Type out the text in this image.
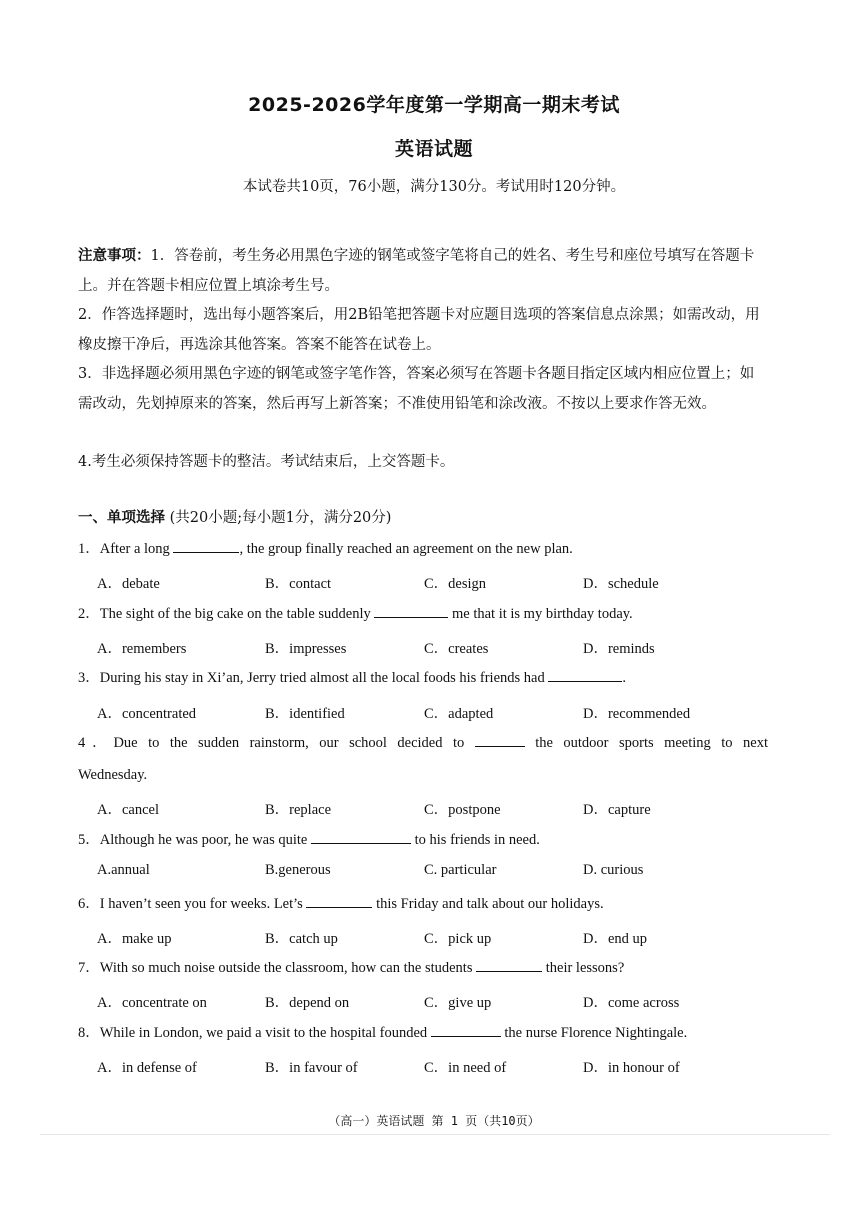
2025-2026学年度第一学期高一期末考试
英语试题
本试卷共10页，76小题，满分130分。考试用时120分钟。
注意事项：1．答卷前，考生务必用黑色字迹的钢笔或签字笔将自己的姓名、考生号和座位号填写在答题卡上。并在答题卡相应位置上填涂考生号。
2．作答选择题时，选出每小题答案后，用2B铅笔把答题卡对应题目选项的答案信息点涂黑；如需改动，用橡皮擦干净后，再选涂其他答案。答案不能答在试卷上。
3．非选择题必须用黑色字迹的钢笔或签字笔作答，答案必须写在答题卡各题目指定区域内相应位置上；如需改动，先划掉原来的答案，然后再写上新答案；不准使用铅笔和涂改液。不按以上要求作答无效。
4.考生必须保持答题卡的整洁。考试结束后，上交答题卡。
一、单项选择 (共20小题;每小题1分，满分20分)
1．After a long	, the group finally reached an agreement on the new plan.
A．debate	B．contact	C．design	D．schedule
2．The sight of the big cake on the table suddenly	me that it is my birthday today.
A．remembers	B．impresses	C．creates	D．reminds
3．During his stay in Xi’an, Jerry tried almost all the local foods his friends had	.
A．concentrated	B．identified	C．adapted	D．recommended
4．Due to the sudden rainstorm, our school decided to	the outdoor sports meeting to next
Wednesday.
A．cancel	B．replace	C．postpone	D．capture
5．Although he was poor, he was quite	to his friends in need.
A.annual	B.generous	C. particular	D. curious
6．I haven’t seen you for weeks. Let’s	this Friday and talk about our holidays.
A．make up	B．catch up	C．pick up	D．end up
7．With so much noise outside the classroom, how can the students	their lessons?
A．concentrate on	B．depend on	C．give up	D．come across
8．While in London, we paid a visit to the hospital founded	the nurse Florence Nightingale.
A．in defense of	B．in favour of	C．in need of	D．in honour of
（高一）英语试题 第 1 页（共10页）
